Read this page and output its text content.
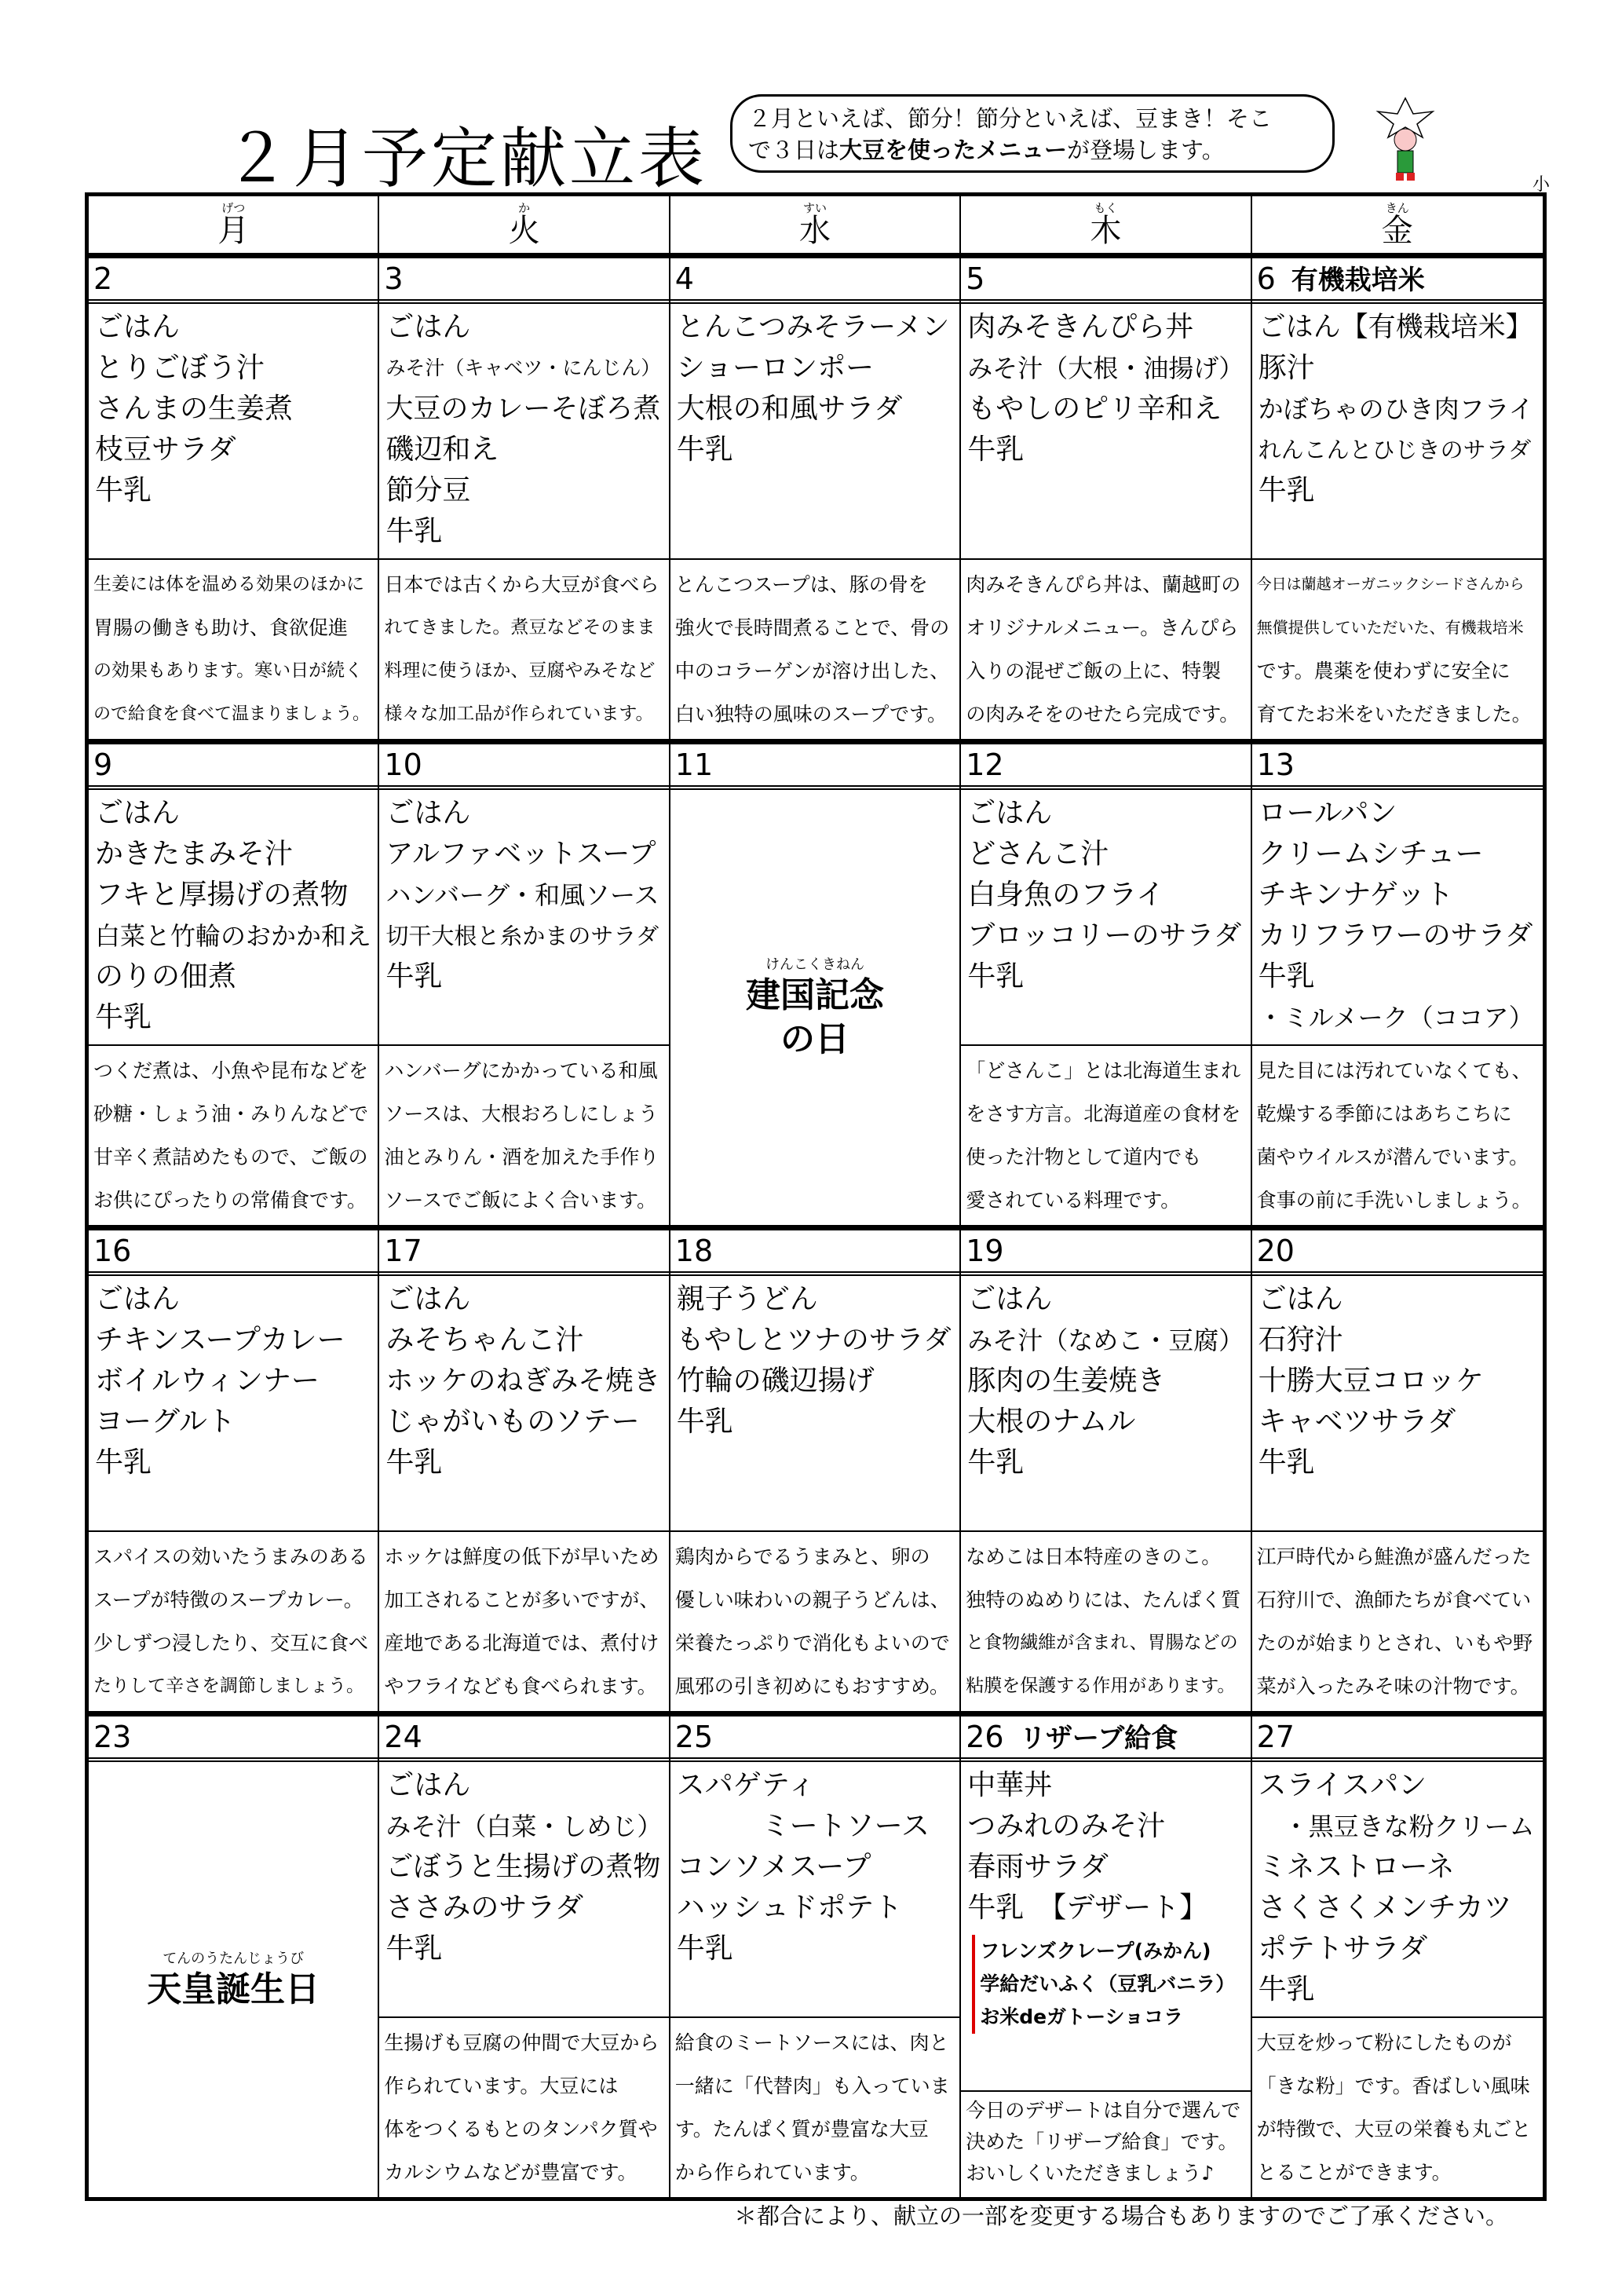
２月予定献立表
２月といえば、節分！節分といえば、豆まき！そこ
で３日は大豆を使ったメニューが登場します。
小
げつ
月
か
火
すい
水
もく
木
きん
金
2
ごはん
とりごぼう汁
さんまの生姜煮
枝豆サラダ
牛乳
生姜には体を温める効果のほかに
胃腸の働きも助け、食欲促進
の効果もあります。寒い日が続く
ので給食を食べて温まりましょう。
3
ごはん
みそ汁（キャベツ・にんじん）
大豆のカレーそぼろ煮
磯辺和え
節分豆
牛乳
日本では古くから大豆が食べら
れてきました。煮豆などそのまま
料理に使うほか、豆腐やみそなど
様々な加工品が作られています。
4
とんこつみそラーメン
ショーロンポー
大根の和風サラダ
牛乳
とんこつスープは、豚の骨を
強火で長時間煮ることで、骨の
中のコラーゲンが溶け出した、
白い独特の風味のスープです。
5
肉みそきんぴら丼
みそ汁（大根・油揚げ）
もやしのピリ辛和え
牛乳
肉みそきんぴら丼は、蘭越町の
オリジナルメニュー。きんぴら
入りの混ぜご飯の上に、特製
の肉みそをのせたら完成です。
6 有機栽培米
ごはん【有機栽培米】
豚汁
かぼちゃのひき肉フライ
れんこんとひじきのサラダ
牛乳
今日は蘭越オーガニックシードさんから
無償提供していただいた、有機栽培米
です。農薬を使わずに安全に
育てたお米をいただきました。
9
ごはん
かきたまみそ汁
フキと厚揚げの煮物
白菜と竹輪のおかか和え
のりの佃煮
牛乳
つくだ煮は、小魚や昆布などを
砂糖・しょう油・みりんなどで
甘辛く煮詰めたもので、ご飯の
お供にぴったりの常備食です。
10
ごはん
アルファベットスープ
ハンバーグ・和風ソース
切干大根と糸かまのサラダ
牛乳
ハンバーグにかかっている和風
ソースは、大根おろしにしょう
油とみりん・酒を加えた手作り
ソースでご飯によく合います。
11
けんこくきねん
建国記念
の日
12
ごはん
どさんこ汁
白身魚のフライ
ブロッコリーのサラダ
牛乳
「どさんこ」とは北海道生まれ
をさす方言。北海道産の食材を
使った汁物として道内でも
愛されている料理です。
13
ロールパン
クリームシチュー
チキンナゲット
カリフラワーのサラダ
牛乳
・ミルメーク（ココア）
見た目には汚れていなくても、
乾燥する季節にはあちこちに
菌やウイルスが潜んでいます。
食事の前に手洗いしましょう。
16
ごはん
チキンスープカレー
ボイルウィンナー
ヨーグルト
牛乳
スパイスの効いたうまみのある
スープが特徴のスープカレー。
少しずつ浸したり、交互に食べ
たりして辛さを調節しましょう。
17
ごはん
みそちゃんこ汁
ホッケのねぎみそ焼き
じゃがいものソテー
牛乳
ホッケは鮮度の低下が早いため
加工されることが多いですが、
産地である北海道では、煮付け
やフライなども食べられます。
18
親子うどん
もやしとツナのサラダ
竹輪の磯辺揚げ
牛乳
鶏肉からでるうまみと、卵の
優しい味わいの親子うどんは、
栄養たっぷりで消化もよいので
風邪の引き初めにもおすすめ。
19
ごはん
みそ汁（なめこ・豆腐）
豚肉の生姜焼き
大根のナムル
牛乳
なめこは日本特産のきのこ。
独特のぬめりには、たんぱく質
と食物繊維が含まれ、胃腸などの
粘膜を保護する作用があります。
20
ごはん
石狩汁
十勝大豆コロッケ
キャベツサラダ
牛乳
江戸時代から鮭漁が盛んだった
石狩川で、漁師たちが食べてい
たのが始まりとされ、いもや野
菜が入ったみそ味の汁物です。
23
てんのうたんじょうび
天皇誕生日
24
ごはん
みそ汁（白菜・しめじ）
ごぼうと生揚げの煮物
ささみのサラダ
牛乳
生揚げも豆腐の仲間で大豆から
作られています。大豆には
体をつくるもとのタンパク質や
カルシウムなどが豊富です。
25
スパゲティ
　　　ミートソース
コンソメスープ
ハッシュドポテト
牛乳
給食のミートソースには、肉と
一緒に「代替肉」も入っていま
す。たんぱく質が豊富な大豆
から作られています。
26 リザーブ給食
中華丼
つみれのみそ汁
春雨サラダ
牛乳　【デザート】
フレンズクレープ(みかん)
学給だいふく（豆乳バニラ）
お米deガトーショコラ
今日のデザートは自分で選んで
決めた「リザーブ給食」です。
おいしくいただきましょう♪
27
スライスパン
　・黒豆きな粉クリーム
ミネストローネ
さくさくメンチカツ
ポテトサラダ
牛乳
大豆を炒って粉にしたものが
「きな粉」です。香ばしい風味
が特徴で、大豆の栄養も丸ごと
とることができます。
＊都合により、献立の一部を変更する場合もありますのでご了承ください。
